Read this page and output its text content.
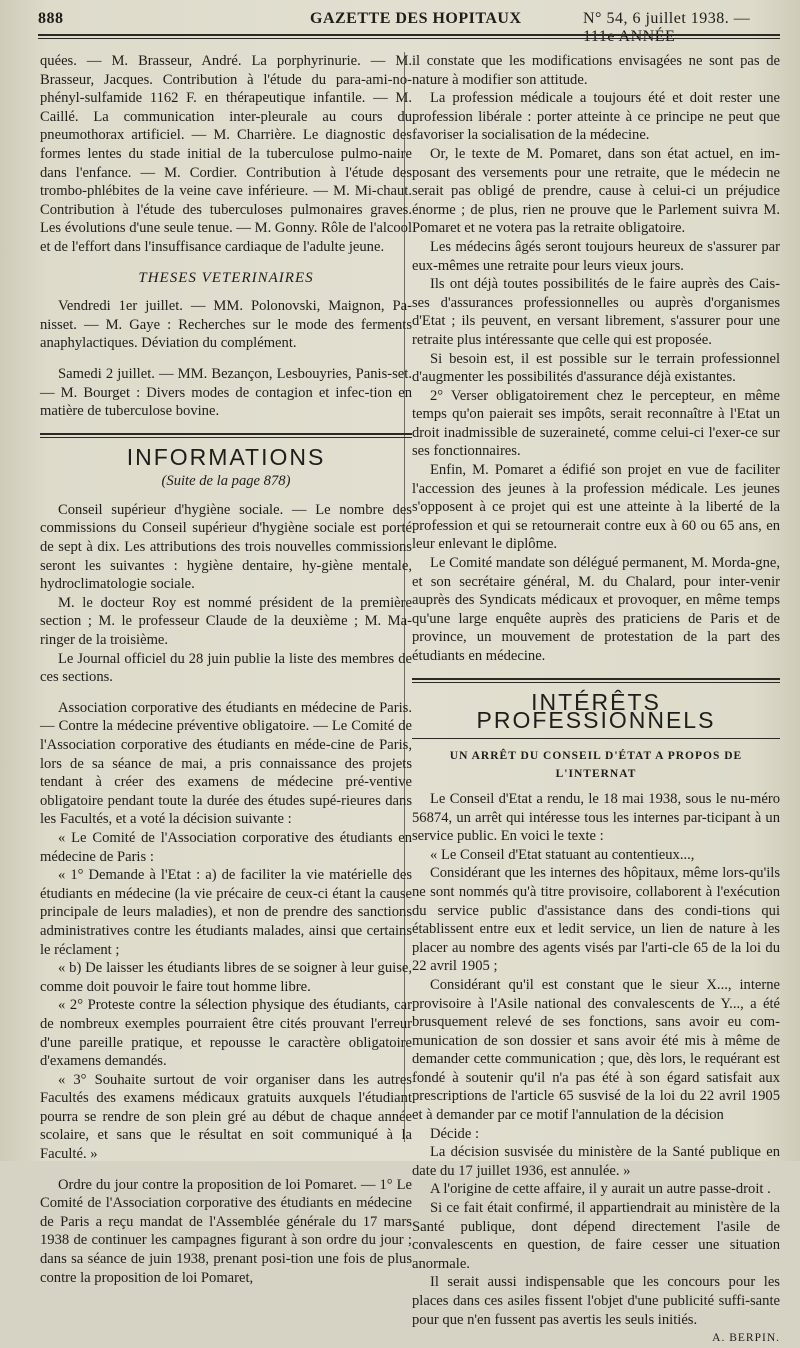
888	GAZETTE DES HOPITAUX	N° 54, 6 juillet 1938. — 111e ANNÉE

quées. — M. Brasseur, André. La porphyrinurie. — M. Brasseur, Jacques. Contribution à l'étude du para-ami-no-phényl-sulfamide 1162 F. en thérapeutique infantile. — M. Caillé. La communication inter-pleurale au cours du pneumothorax artificiel. — M. Charrière. Le diagnostic des formes lentes du stade initial de la tuberculose pulmo-naire dans l'enfance. — M. Cordier. Contribution à l'étude des trombo-phlébites de la veine cave inférieure. — M. Mi-chaut. Contribution à l'étude des tuberculoses pulmonaires graves. Les évolutions d'une seule tenue. — M. Gonny. Rôle de l'alcool et de l'effort dans l'insuffisance cardiaque de l'adulte jeune.

THESES VETERINAIRES

Vendredi 1er juillet. — MM. Polonovski, Maignon, Pa-nisset. — M. Gaye : Recherches sur le mode des ferments anaphylactiques. Déviation du complément.

Samedi 2 juillet. — MM. Bezançon, Lesbouyries, Panis-set. — M. Bourget : Divers modes de contagion et infec-tion en matière de tuberculose bovine.

INFORMATIONS
(Suite de la page 878)

Conseil supérieur d'hygiène sociale. — Le nombre des commissions du Conseil supérieur d'hygiène sociale est porté de sept à dix. Les attributions des trois nouvelles commissions seront les suivantes : hygiène dentaire, hy-giène mentale, hydroclimatologie sociale.

M. le docteur Roy est nommé président de la première section ; M. le professeur Claude de la deuxième ; M. Ma-ringer de la troisième.

Le Journal officiel du 28 juin publie la liste des membres de ces sections.

Association corporative des étudiants en médecine de Paris. — Contre la médecine préventive obligatoire. — Le Comité de l'Association corporative des étudiants en méde-cine de Paris, lors de sa séance de mai, a pris connaissance des projets tendant à créer des examens de médecine pré-ventive obligatoire pendant toute la durée des études supé-rieures dans les Facultés, et a voté la décision suivante :

« Le Comité de l'Association corporative des étudiants en médecine de Paris :

« 1° Demande à l'Etat : a) de faciliter la vie matérielle des étudiants en médecine (la vie précaire de ceux-ci étant la cause principale de leurs maladies), et non de prendre des sanctions administratives contre les étudiants malades, ainsi que certains le réclament ;

« b) De laisser les étudiants libres de se soigner à leur guise, comme doit pouvoir le faire tout homme libre.

« 2° Proteste contre la sélection physique des étudiants, car de nombreux exemples pourraient être cités prouvant l'erreur d'une pareille pratique, et repousse le caractère obligatoire d'examens demandés.

« 3° Souhaite surtout de voir organiser dans les autres Facultés des examens médicaux gratuits auxquels l'étudiant pourra se rendre de son plein gré au début de chaque année scolaire, et sans que le résultat en soit communiqué à la Faculté. »

Ordre du jour contre la proposition de loi Pomaret. — 1° Le Comité de l'Association corporative des étudiants en médecine de Paris a reçu mandat de l'Assemblée générale du 17 mars 1938 de continuer les campagnes figurant à son ordre du jour ; dans sa séance de juin 1938, prenant posi-tion une fois de plus contre la proposition de loi Pomaret,

il constate que les modifications envisagées ne sont pas de nature à modifier son attitude.

La profession médicale a toujours été et doit rester une profession libérale : porter atteinte à ce principe ne peut que favoriser la socialisation de la médecine.

Or, le texte de M. Pomaret, dans son état actuel, en im-posant des versements pour une retraite, que le médecin ne serait pas obligé de prendre, cause à celui-ci un préjudice énorme ; de plus, rien ne prouve que le Parlement suivra M. Pomaret et ne votera pas la retraite obligatoire.

Les médecins âgés seront toujours heureux de s'assurer par eux-mêmes une retraite pour leurs vieux jours.

Ils ont déjà toutes possibilités de le faire auprès des Cais-ses d'assurances professionnelles ou auprès d'organismes d'Etat ; ils peuvent, en versant librement, s'assurer pour une retraite plus intéressante que celle qui est proposée.

Si besoin est, il est possible sur le terrain professionnel d'augmenter les possibilités d'assurance déjà existantes.

2° Verser obligatoirement chez le percepteur, en même temps qu'on paierait ses impôts, serait reconnaître à l'Etat un droit inadmissible de suzeraineté, comme celui-ci l'exer-ce sur ses fonctionnaires.

Enfin, M. Pomaret a édifié son projet en vue de faciliter l'accession des jeunes à la profession médicale. Les jeunes s'opposent à ce projet qui est une atteinte à la liberté de la profession et qui se retournerait contre eux à 60 ou 65 ans, en leur enlevant le diplôme.

Le Comité mandate son délégué permanent, M. Morda-gne, et son secrétaire général, M. du Chalard, pour inter-venir auprès des Syndicats médicaux et provoquer, en même temps qu'une large enquête auprès des praticiens de Paris et de province, un mouvement de protestation de la part des étudiants en médecine.

INTÉRÊTS PROFESSIONNELS
UN ARRÊT DU CONSEIL D'ÉTAT A PROPOS DE L'INTERNAT

Le Conseil d'Etat a rendu, le 18 mai 1938, sous le nu-méro 56874, un arrêt qui intéresse tous les internes par-ticipant à un service public. En voici le texte :

« Le Conseil d'Etat statuant au contentieux...,

Considérant que les internes des hôpitaux, même lors-qu'ils ne sont nommés qu'à titre provisoire, collaborent à l'exécution du service public d'assistance dans des condi-tions qui établissent entre eux et ledit service, un lien de nature à les placer au nombre des agents visés par l'arti-cle 65 de la loi du 22 avril 1905 ;

Considérant qu'il est constant que le sieur X..., interne provisoire à l'Asile national des convalescents de Y..., a été brusquement relevé de ses fonctions, sans avoir eu com-munication de son dossier et sans avoir été mis à même de demander cette communication ; que, dès lors, le requérant est fondé à soutenir qu'il n'a pas été à son égard satisfait aux prescriptions de l'article 65 susvisé de la loi du 22 avril 1905 et à demander par ce motif l'annulation de la décision

Décide :

La décision susvisée du ministère de la Santé publique en date du 17 juillet 1936, est annulée. »

A l'origine de cette affaire, il y aurait un autre passe-droit .

Si ce fait était confirmé, il appartiendrait au ministère de la Santé publique, dont dépend directement l'asile de convalescents en question, de faire cesser une situation anormale.

Il serait aussi indispensable que les concours pour les places dans ces asiles fissent l'objet d'une publicité suffi-sante pour que n'en fussent pas avertis les seuls initiés.

A. BERPIN.
